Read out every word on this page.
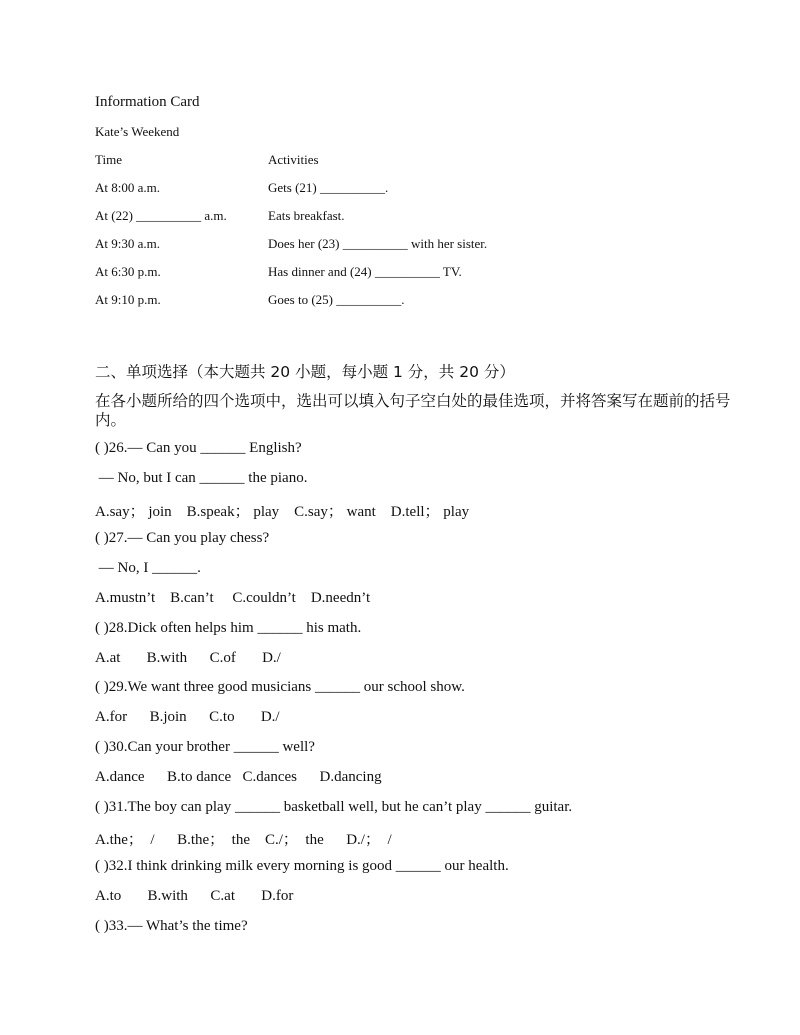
Information Card
Kate’s Weekend
Time	Activities
At 8:00 a.m.	Gets (21) __________.
At (22) __________ a.m.	Eats breakfast.
At 9:30 a.m.	Does her (23) __________ with her sister.
At 6:30 p.m.	Has dinner and (24) __________ TV.
At 9:10 p.m.	Goes to (25) __________.
二、单项选择（本大题共 20 小题，每小题 1 分，共 20 分）
在各小题所给的四个选项中，选出可以填入句子空白处的最佳选项，并将答案写在题前的括号内。
( )26.— Can you ______ English?
— No, but I can ______ the piano.
A.say； join    B.speak； play    C.say； want    D.tell； play
( )27.— Can you play chess?
— No, I ______.
A.mustn’t    B.can’t     C.couldn’t    D.needn’t
( )28.Dick often helps him ______ his math.
A.at       B.with      C.of       D./
( )29.We want three good musicians ______ our school show.
A.for      B.join      C.to       D./
( )30.Can your brother ______ well?
A.dance      B.to dance   C.dances      D.dancing
( )31.The boy can play ______ basketball well, but he can’t play ______ guitar.
A.the；  /      B.the；  the    C./；  the      D./；  /
( )32.I think drinking milk every morning is good ______ our health.
A.to       B.with      C.at       D.for
( )33.— What’s the time?
